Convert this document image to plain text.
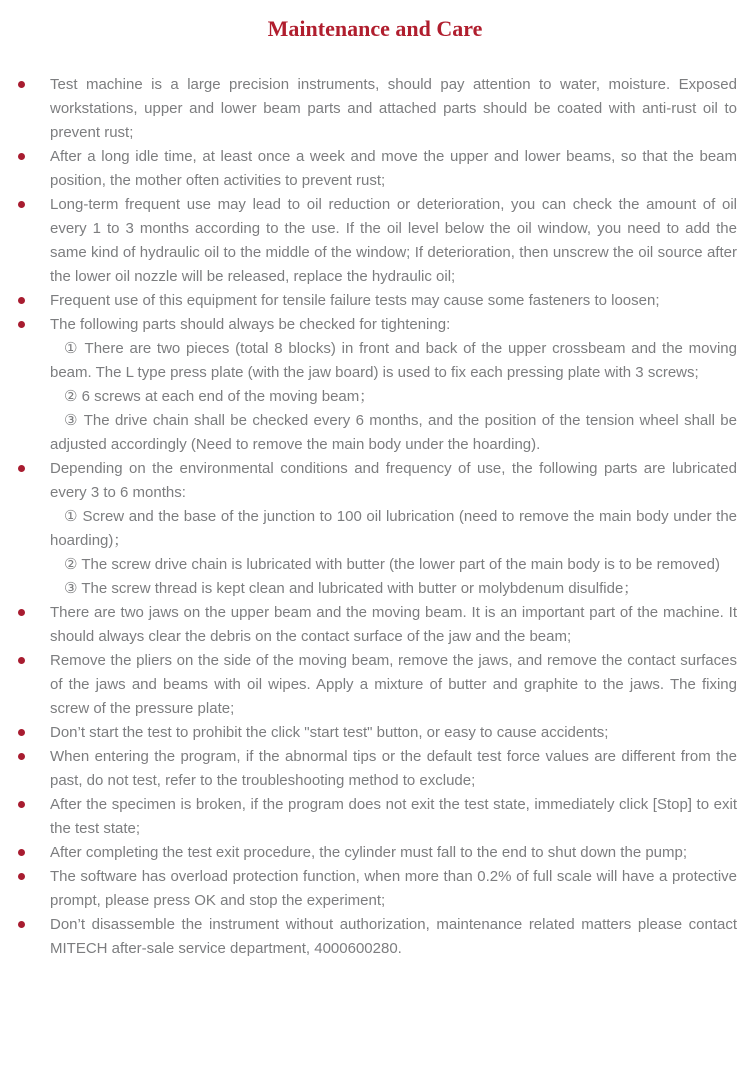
Maintenance and Care
Test machine is a large precision instruments, should pay attention to water, moisture. Exposed workstations, upper and lower beam parts and attached parts should be coated with anti-rust oil to prevent rust;
After a long idle time, at least once a week and move the upper and lower beams, so that the beam position, the mother often activities to prevent rust;
Long-term frequent use may lead to oil reduction or deterioration, you can check the amount of oil every 1 to 3 months according to the use. If the oil level below the oil window, you need to add the same kind of hydraulic oil to the middle of the window; If deterioration, then unscrew the oil source after the lower oil nozzle will be released, replace the hydraulic oil;
Frequent use of this equipment for tensile failure tests may cause some fasteners to loosen;
The following parts should always be checked for tightening:
① There are two pieces (total 8 blocks) in front and back of the upper crossbeam and the moving beam. The L type press plate (with the jaw board) is used to fix each pressing plate with 3 screws;
② 6 screws at each end of the moving beam；
③ The drive chain shall be checked every 6 months, and the position of the tension wheel shall be adjusted accordingly (Need to remove the main body under the hoarding).
Depending on the environmental conditions and frequency of use, the following parts are lubricated every 3 to 6 months:
① Screw and the base of the junction to 100 oil lubrication (need to remove the main body under the hoarding)；
② The screw drive chain is lubricated with butter (the lower part of the main body is to be removed)
③ The screw thread is kept clean and lubricated with butter or molybdenum disulfide；
There are two jaws on the upper beam and the moving beam. It is an important part of the machine. It should always clear the debris on the contact surface of the jaw and the beam;
Remove the pliers on the side of the moving beam, remove the jaws, and remove the contact surfaces of the jaws and beams with oil wipes. Apply a mixture of butter and graphite to the jaws. The fixing screw of the pressure plate;
Don’t start the test to prohibit the click "start test" button, or easy to cause accidents;
When entering the program, if the abnormal tips or the default test force values are different from the past, do not test, refer to the troubleshooting method to exclude;
After the specimen is broken, if the program does not exit the test state, immediately click [Stop] to exit the test state;
After completing the test exit procedure, the cylinder must fall to the end to shut down the pump;
The software has overload protection function, when more than 0.2% of full scale will have a protective prompt, please press OK and stop the experiment;
Don’t disassemble the instrument without authorization, maintenance related matters please contact MITECH after-sale service department, 4000600280.
